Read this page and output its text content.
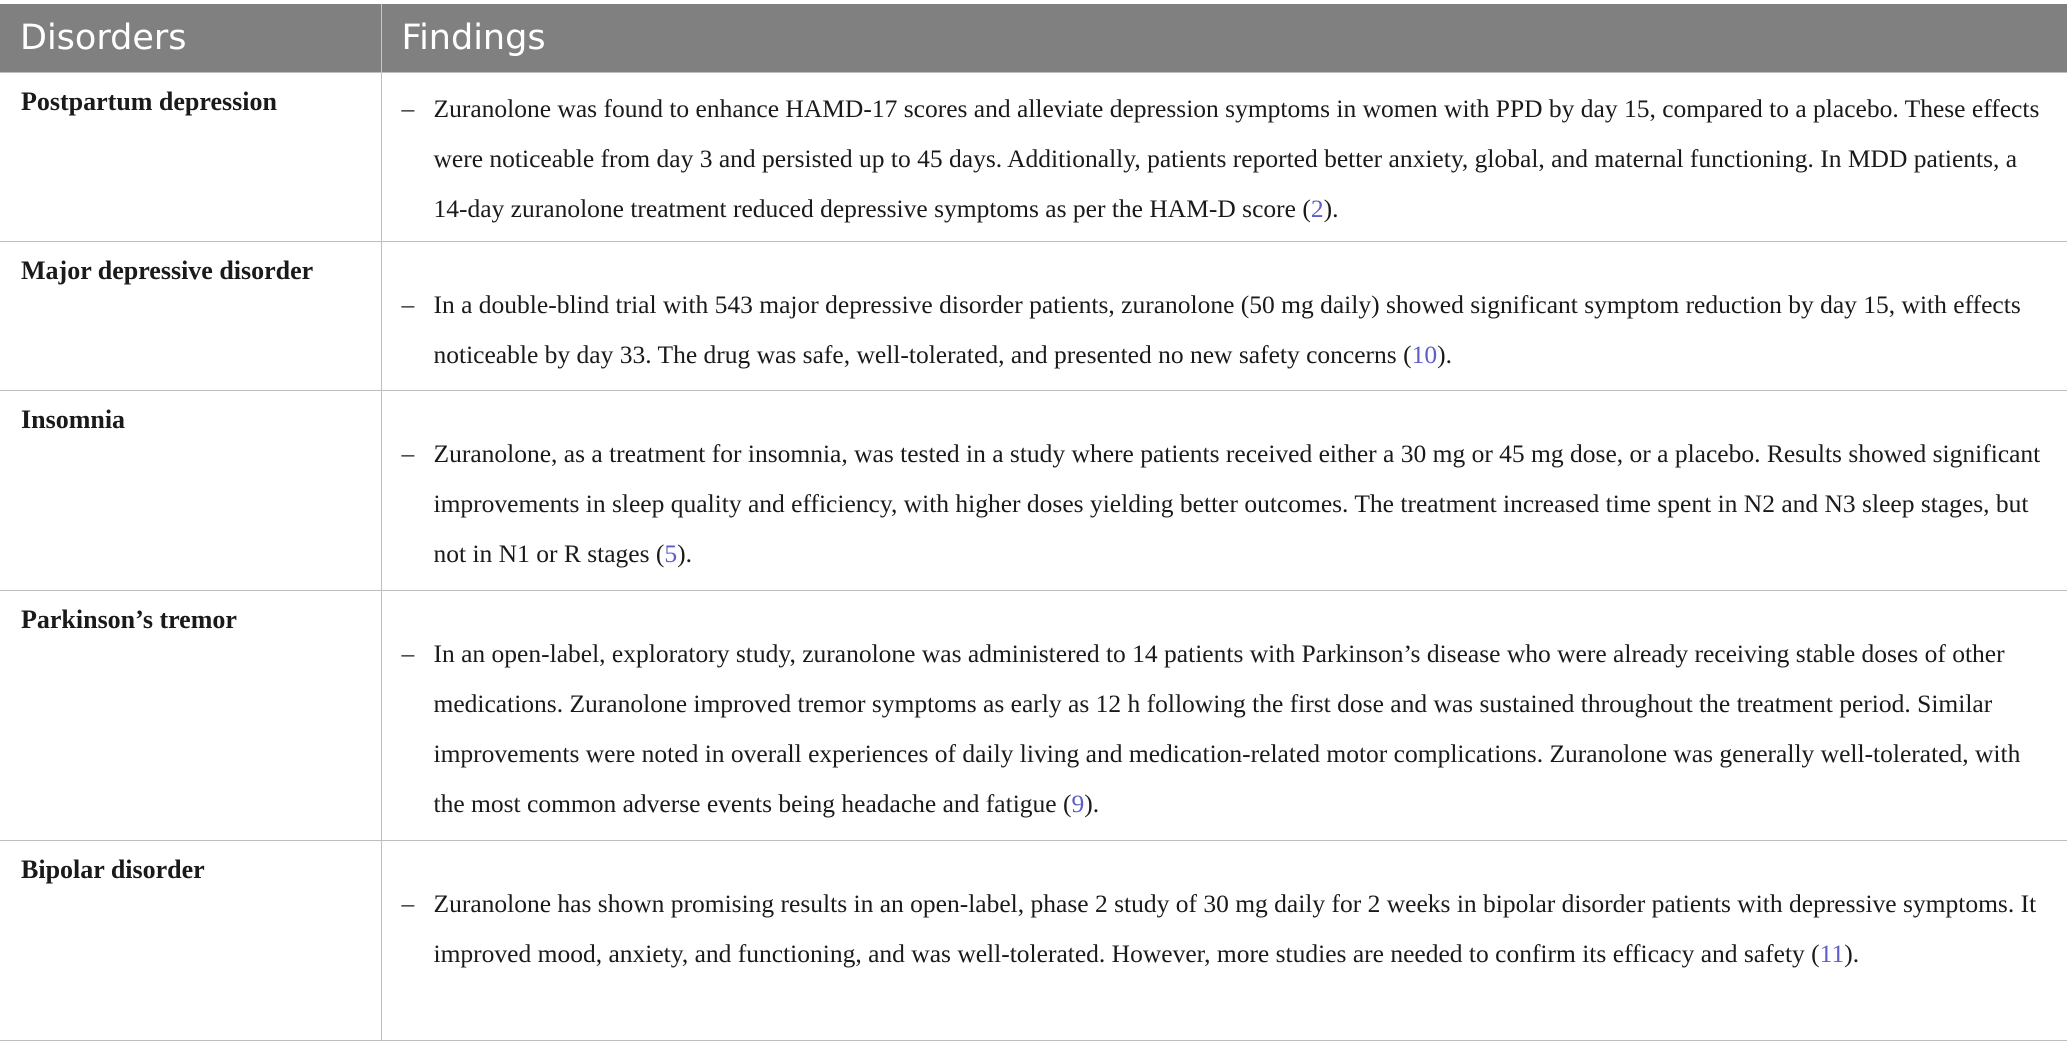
Disorders	Findings
Postpartum depression	– Zuranolone was found to enhance HAMD-17 scores and alleviate depression symptoms in women with PPD by day 15, compared to a placebo. These effects were noticeable from day 3 and persisted up to 45 days. Additionally, patients reported better anxiety, global, and maternal functioning. In MDD patients, a 14-day zuranolone treatment reduced depressive symptoms as per the HAM-D score (2).

Major depressive disorder	– In a double-blind trial with 543 major depressive disorder patients, zuranolone (50 mg daily) showed significant symptom reduction by day 15, with effects noticeable by day 33. The drug was safe, well-tolerated, and presented no new safety concerns (10).

Insomnia	– Zuranolone, as a treatment for insomnia, was tested in a study where patients received either a 30 mg or 45 mg dose, or a placebo. Results showed significant improvements in sleep quality and efficiency, with higher doses yielding better outcomes. The treatment increased time spent in N2 and N3 sleep stages, but not in N1 or R stages (5).

Parkinson’s tremor	– In an open-label, exploratory study, zuranolone was administered to 14 patients with Parkinson’s disease who were already receiving stable doses of other medications. Zuranolone improved tremor symptoms as early as 12 h following the first dose and was sustained throughout the treatment period. Similar improvements were noted in overall experiences of daily living and medication-related motor complications. Zuranolone was generally well-tolerated, with the most common adverse events being headache and fatigue (9).

Bipolar disorder	– Zuranolone has shown promising results in an open-label, phase 2 study of 30 mg daily for 2 weeks in bipolar disorder patients with depressive symptoms. It improved mood, anxiety, and functioning, and was well-tolerated. However, more studies are needed to confirm its efficacy and safety (11).
